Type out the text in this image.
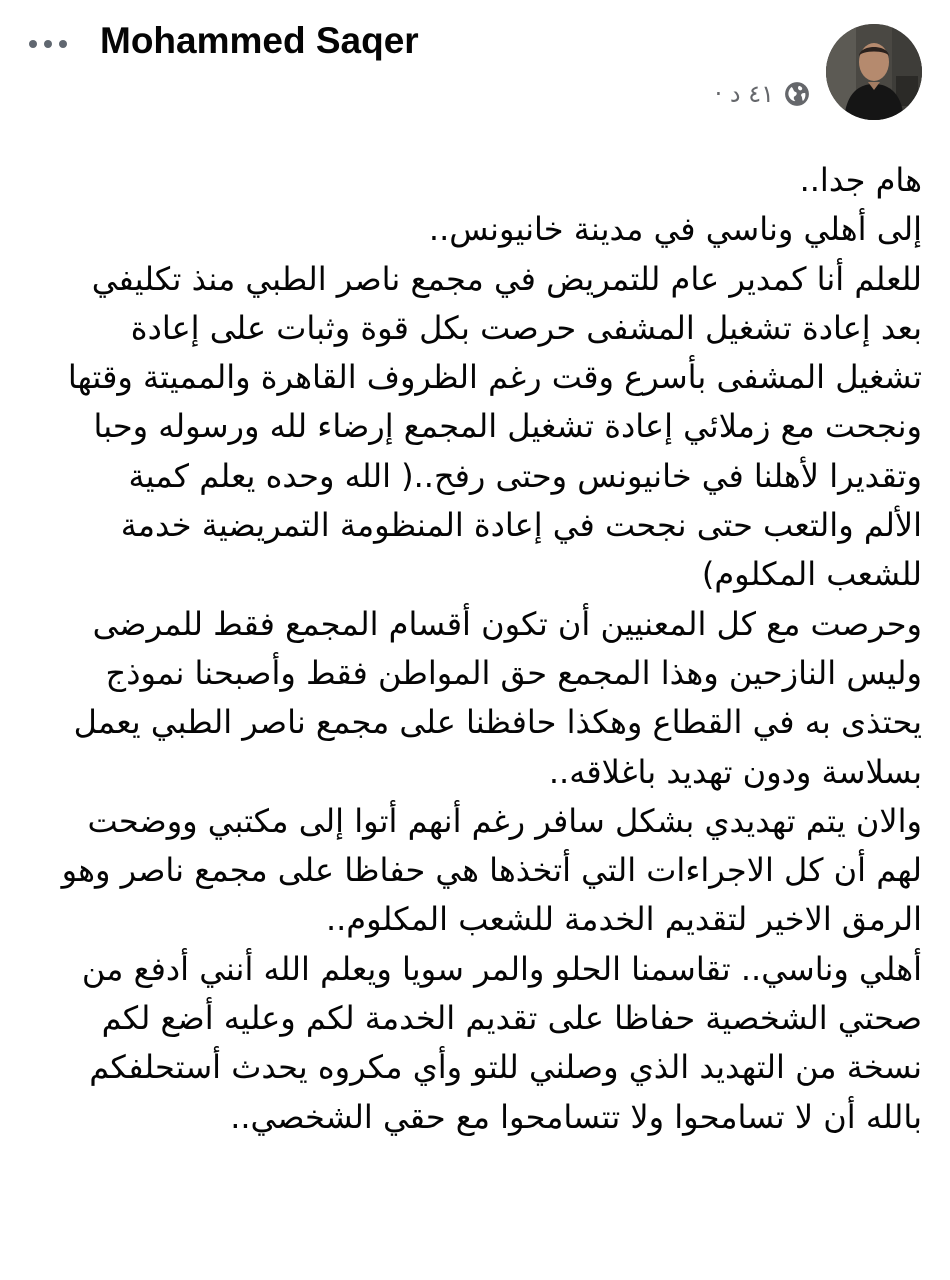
Mohammed Saqer
٤١ د ·
هام جدا..
إلى أهلي وناسي في مدينة خانيونس..
للعلم أنا كمدير عام للتمريض في مجمع ناصر الطبي منذ تكليفي
بعد إعادة تشغيل المشفى حرصت بكل قوة وثبات على إعادة
تشغيل المشفى بأسرع وقت رغم الظروف القاهرة والمميتة وقتها
ونجحت مع زملائي إعادة تشغيل المجمع إرضاء لله ورسوله وحبا
وتقديرا لأهلنا في خانيونس وحتى رفح..( الله وحده يعلم كمية
الألم والتعب حتى نجحت في إعادة المنظومة التمريضية خدمة
للشعب المكلوم)
وحرصت مع كل المعنيين أن تكون أقسام المجمع فقط للمرضى
وليس النازحين وهذا المجمع حق المواطن فقط وأصبحنا نموذج
يحتذى به في القطاع وهكذا حافظنا على مجمع ناصر الطبي يعمل
بسلاسة ودون تهديد باغلاقه..
والان يتم تهديدي بشكل سافر رغم أنهم أتوا إلى مكتبي ووضحت
لهم أن كل الاجراءات التي أتخذها هي حفاظا على مجمع ناصر وهو
الرمق الاخير لتقديم الخدمة للشعب المكلوم..
أهلي وناسي.. تقاسمنا الحلو والمر سويا ويعلم الله أنني أدفع من
صحتي الشخصية حفاظا على تقديم الخدمة لكم وعليه أضع لكم
نسخة من التهديد الذي وصلني للتو وأي مكروه يحدث أستحلفكم
بالله أن لا تسامحوا ولا تتسامحوا مع حقي الشخصي..
